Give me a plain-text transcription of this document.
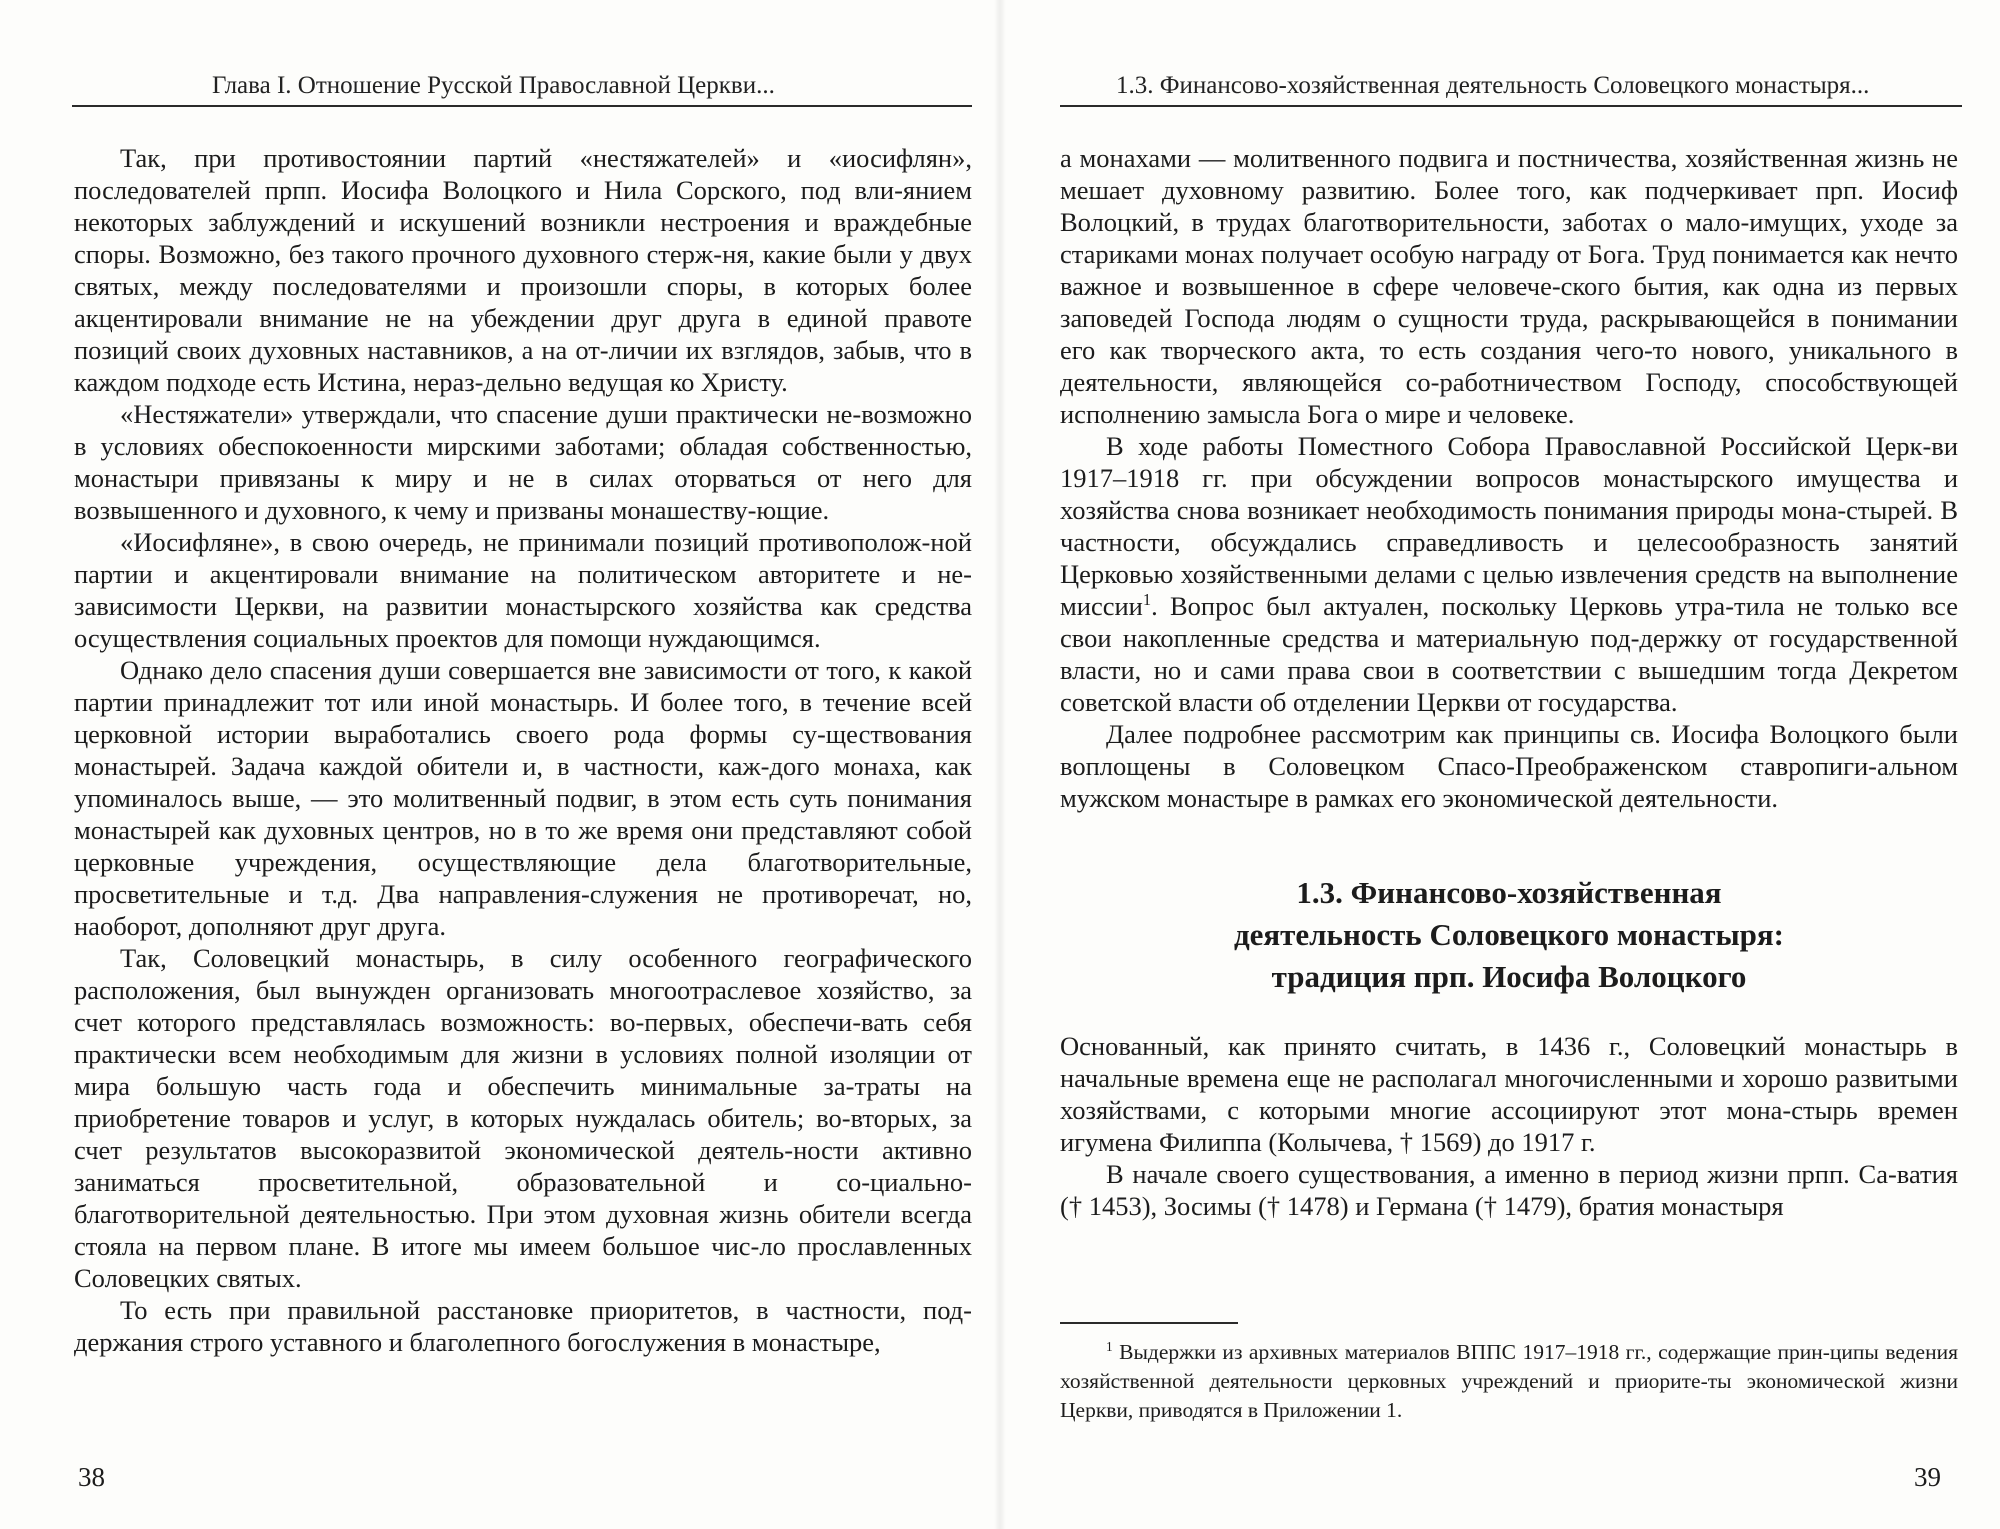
Глава I. Отношение Русской Православной Церкви...

Так, при противостоянии партий «нестяжателей» и «иосифлян», последователей прпп. Иосифа Волоцкого и Нила Сорского, под вли-янием некоторых заблуждений и искушений возникли нестроения и враждебные споры. Возможно, без такого прочного духовного стерж-ня, какие были у двух святых, между последователями и произошли споры, в которых более акцентировали внимание не на убеждении друг друга в единой правоте позиций своих духовных наставников, а на от-личии их взглядов, забыв, что в каждом подходе есть Истина, нераз-дельно ведущая ко Христу.

«Нестяжатели» утверждали, что спасение души практически не-возможно в условиях обеспокоенности мирскими заботами; обладая собственностью, монастыри привязаны к миру и не в силах оторваться от него для возвышенного и духовного, к чему и призваны монашеству-ющие.

«Иосифляне», в свою очередь, не принимали позиций противополож-ной партии и акцентировали внимание на политическом авторитете и не-зависимости Церкви, на развитии монастырского хозяйства как средства осуществления социальных проектов для помощи нуждающимся.

Однако дело спасения души совершается вне зависимости от того, к какой партии принадлежит тот или иной монастырь. И более того, в течение всей церковной истории выработались своего рода формы су-ществования монастырей. Задача каждой обители и, в частности, каж-дого монаха, как упоминалось выше, — это молитвенный подвиг, в этом есть суть понимания монастырей как духовных центров, но в то же время они представляют собой церковные учреждения, осуществляющие дела благотворительные, просветительные и т.д. Два направления-служения не противоречат, но, наоборот, дополняют друг друга.

Так, Соловецкий монастырь, в силу особенного географического расположения, был вынужден организовать многоотраслевое хозяйство, за счет которого представлялась возможность: во-первых, обеспечи-вать себя практически всем необходимым для жизни в условиях полной изоляции от мира большую часть года и обеспечить минимальные за-траты на приобретение товаров и услуг, в которых нуждалась обитель; во-вторых, за счет результатов высокоразвитой экономической деятель-ности активно заниматься просветительной, образовательной и со-циально-благотворительной деятельностью. При этом духовная жизнь обители всегда стояла на первом плане. В итоге мы имеем большое чис-ло прославленных Соловецких святых.

То есть при правильной расстановке приоритетов, в частности, под-держания строго уставного и благолепного богослужения в монастыре,

38
1.3. Финансово-хозяйственная деятельность Соловецкого монастыря...

а монахами — молитвенного подвига и постничества, хозяйственная жизнь не мешает духовному развитию. Более того, как подчеркивает прп. Иосиф Волоцкий, в трудах благотворительности, заботах о мало-имущих, уходе за стариками монах получает особую награду от Бога. Труд понимается как нечто важное и возвышенное в сфере человече-ского бытия, как одна из первых заповедей Господа людям о сущности труда, раскрывающейся в понимании его как творческого акта, то есть создания чего-то нового, уникального в деятельности, являющейся со-работничеством Господу, способствующей исполнению замысла Бога о мире и человеке.

В ходе работы Поместного Собора Православной Российской Церк-ви 1917–1918 гг. при обсуждении вопросов монастырского имущества и хозяйства снова возникает необходимость понимания природы мона-стырей. В частности, обсуждались справедливость и целесообразность занятий Церковью хозяйственными делами с целью извлечения средств на выполнение миссии$^1$. Вопрос был актуален, поскольку Церковь утра-тила не только все свои накопленные средства и материальную под-держку от государственной власти, но и сами права свои в соответствии с вышедшим тогда Декретом советской власти об отделении Церкви от государства.

Далее подробнее рассмотрим как принципы св. Иосифа Волоцкого были воплощены в Соловецком Спасо-Преображенском ставропиги-альном мужском монастыре в рамках его экономической деятельности.

1.3. Финансово-хозяйственная
деятельность Соловецкого монастыря:
традиция прп. Иосифа Волоцкого

Основанный, как принято считать, в 1436 г., Соловецкий монастырь в начальные времена еще не располагал многочисленными и хорошо развитыми хозяйствами, с которыми многие ассоциируют этот мона-стырь времен игумена Филиппа (Колычева, † 1569) до 1917 г.

В начале своего существования, а именно в период жизни прпп. Са-ватия († 1453), Зосимы († 1478) и Германа († 1479), братия монастыря

$^1$ Выдержки из архивных материалов ВППС 1917–1918 гг., содержащие прин-ципы ведения хозяйственной деятельности церковных учреждений и приорите-ты экономической жизни Церкви, приводятся в Приложении 1.
39
